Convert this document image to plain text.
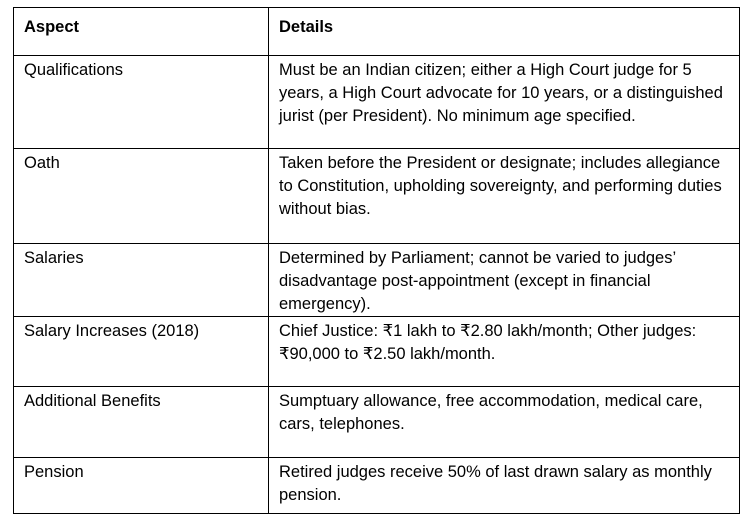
Aspect	Details
Qualifications	Must be an Indian citizen; either a High Court judge for 5 years, a High Court advocate for 10 years, or a distinguished jurist (per President). No minimum age specified.
Oath	Taken before the President or designate; includes allegiance to Constitution, upholding sovereignty, and performing duties without bias.
Salaries	Determined by Parliament; cannot be varied to judges’ disadvantage post-appointment (except in financial emergency).
Salary Increases (2018)	Chief Justice: ₹1 lakh to ₹2.80 lakh/month; Other judges: ₹90,000 to ₹2.50 lakh/month.
Additional Benefits	Sumptuary allowance, free accommodation, medical care, cars, telephones.
Pension	Retired judges receive 50% of last drawn salary as monthly pension.
